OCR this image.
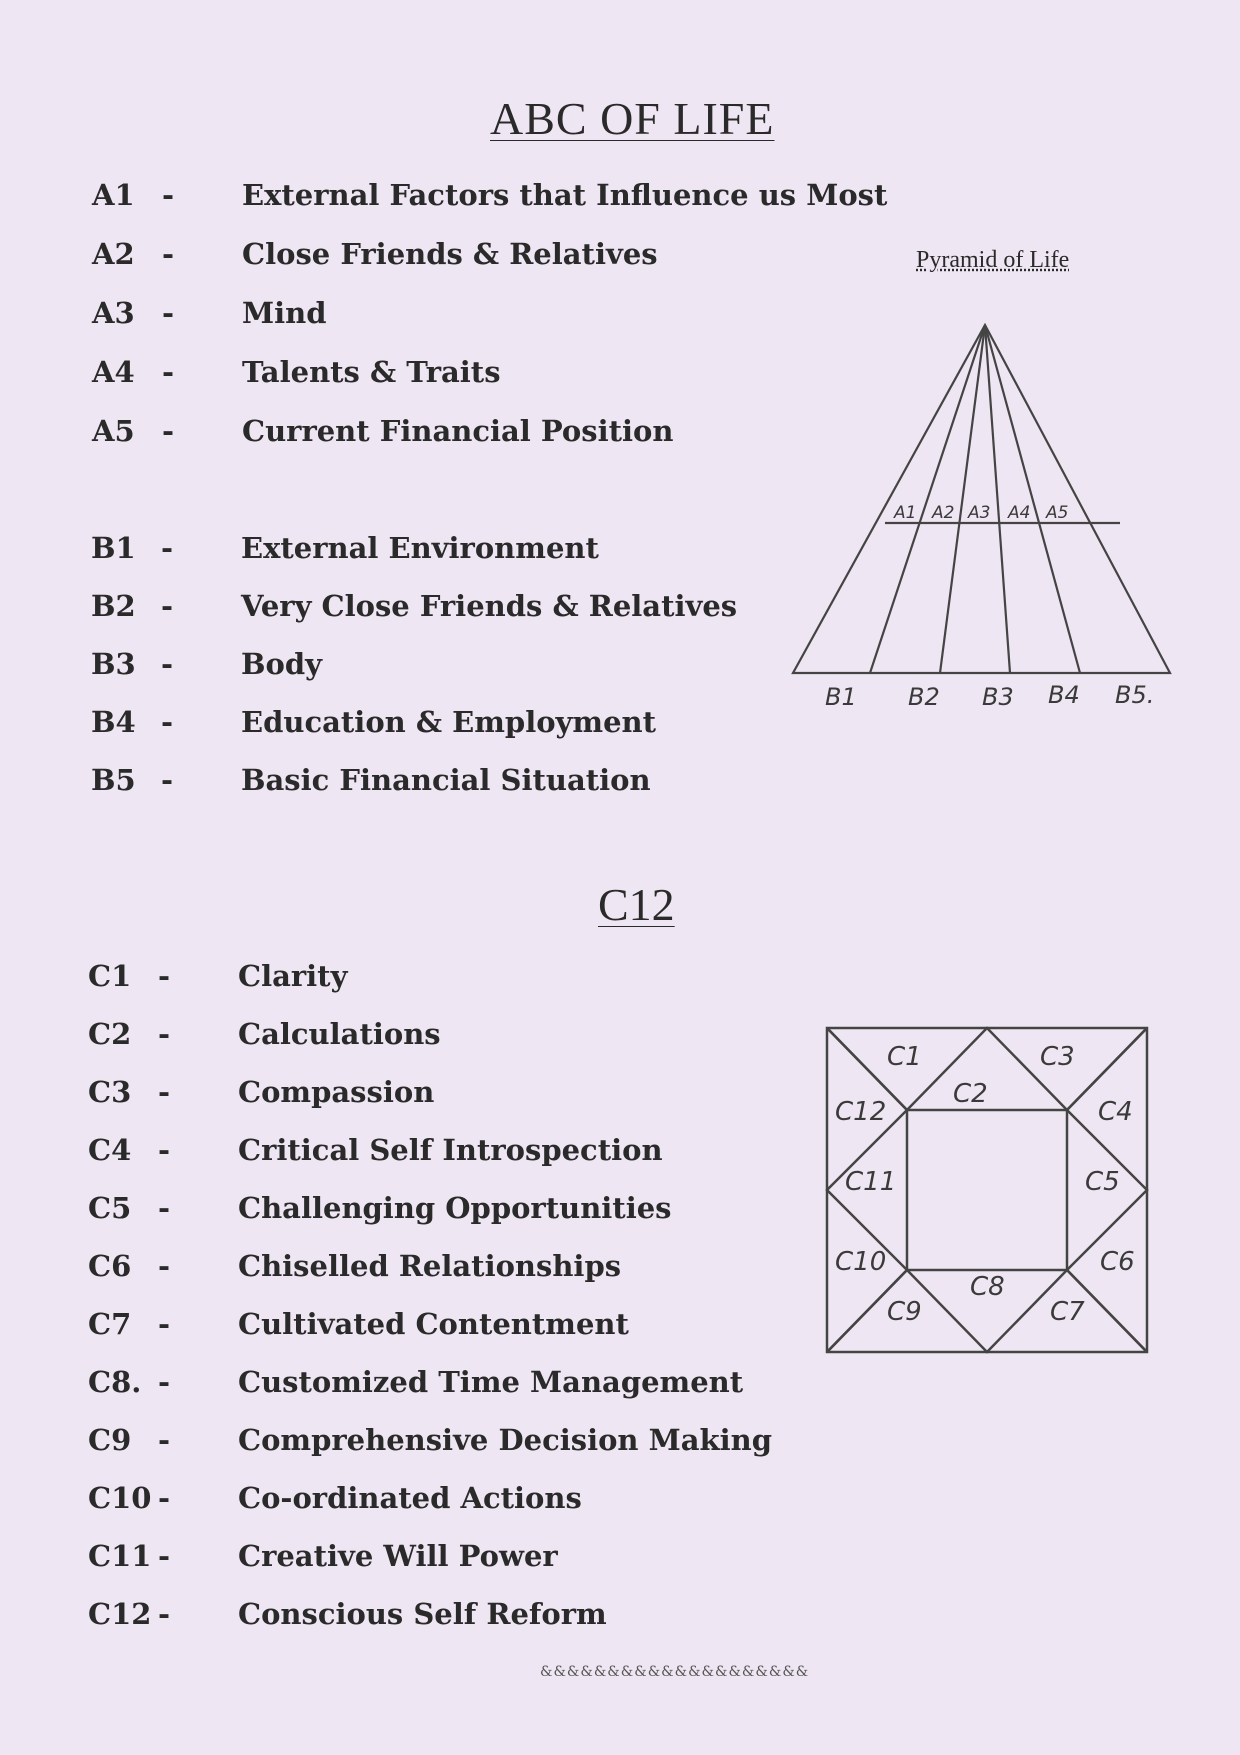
ABC OF LIFE
A1 - External Factors that Influence us Most
A2 - Close Friends & Relatives
A3 - Mind
A4 - Talents & Traits
A5 - Current Financial Position
B1 - External Environment
B2 - Very Close Friends & Relatives
B3 - Body
B4 - Education & Employment
B5 - Basic Financial Situation
Pyramid of Life
A1 A2 A3 A4 A5
B1 B2 B3 B4 B5.
C12
C1 - Clarity
C2 - Calculations
C3 - Compassion
C4 - Critical Self Introspection
C5 - Challenging Opportunities
C6 - Chiselled Relationships
C7 - Cultivated Contentment
C8. - Customized Time Management
C9 - Comprehensive Decision Making
C10 - Co-ordinated Actions
C11 - Creative Will Power
C12 - Conscious Self Reform
C1
C2
C3
C4
C5
C6
C7
C8
C9
C10
C11
C12
&&&&&&&&&&&&&&&&&&&&
